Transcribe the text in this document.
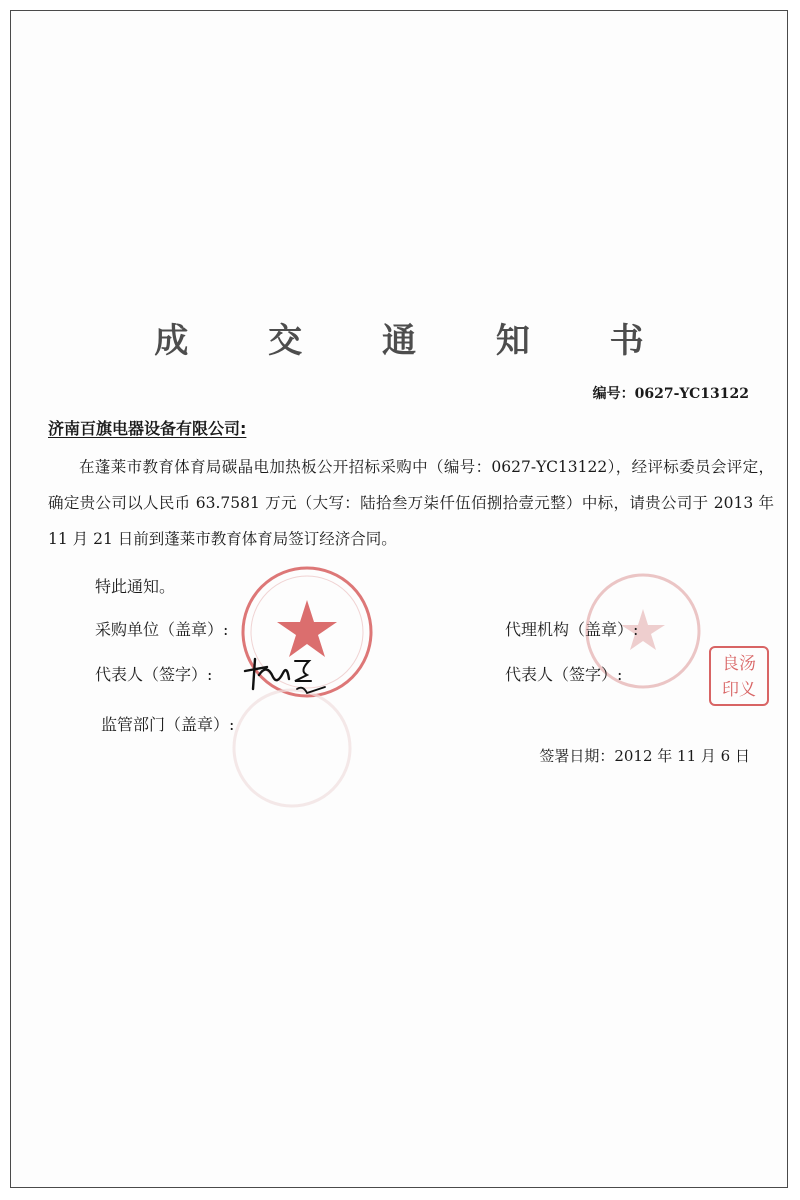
良汤
印义
成 交 通 知 书
编号：0627-YC13122
济南百旗电器设备有限公司:
在蓬莱市教育体育局碳晶电加热板公开招标采购中（编号：0627-YC13122），经评标委员会评定，确定贵公司以人民币 63.7581 万元（大写：陆拾叁万柒仟伍佰捌拾壹元整）中标，请贵公司于 2013 年 11 月 21 日前到蓬莱市教育体育局签订经济合同。
特此通知。
采购单位（盖章）:	代理机构（盖章）:
代表人（签字）:	代表人（签字）:
监管部门（盖章）:
签署日期：2012 年 11 月 6 日
